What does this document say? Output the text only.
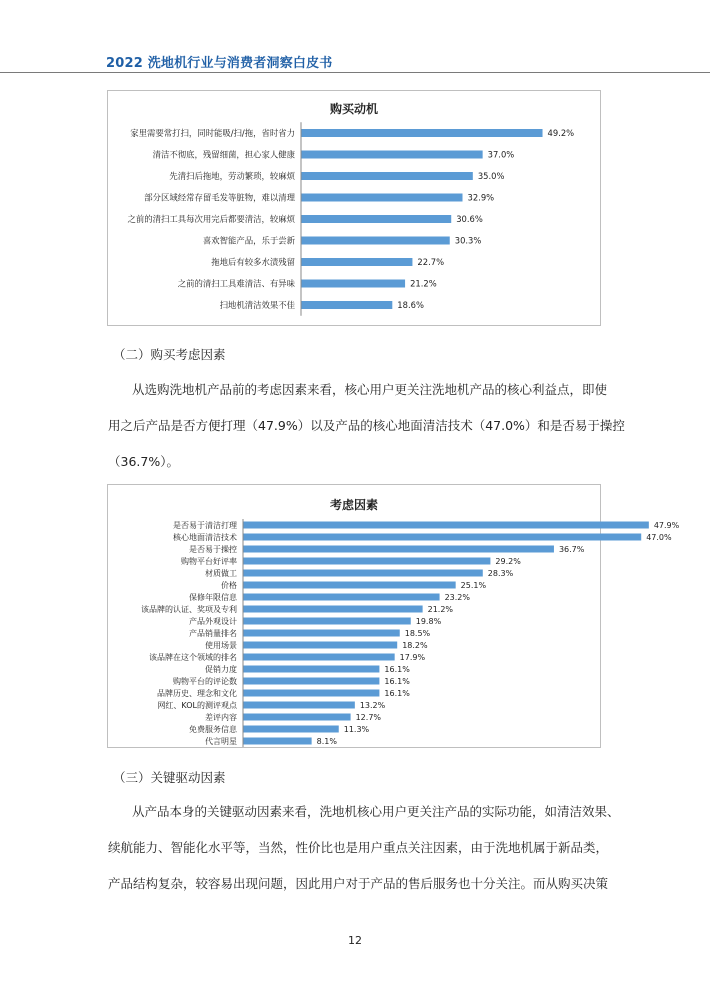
2022 洗地机行业与消费者洞察白皮书
购买动机
家里需要常打扫，同时能吸/扫/拖，省时省力	49.2%
清洁不彻底，残留细菌，担心家人健康	37.0%
先清扫后拖地，劳动繁琐，较麻烦	35.0%
部分区域经常存留毛发等脏物，难以清理	32.9%
之前的清扫工具每次用完后都要清洁，较麻烦	30.6%
喜欢智能产品，乐于尝新	30.3%
拖地后有较多水渍残留	22.7%
之前的清扫工具难清洁、有异味	21.2%
扫地机清洁效果不佳	18.6%
（二）购买考虑因素
从选购洗地机产品前的考虑因素来看，核心用户更关注洗地机产品的核心利益点，即使
用之后产品是否方便打理（47.9%）以及产品的核心地面清洁技术（47.0%）和是否易于操控
（36.7%）。
考虑因素
是否易于清洁打理	47.9%
核心地面清洁技术	47.0%
是否易于操控	36.7%
购物平台好评率	29.2%
材质做工	28.3%
价格	25.1%
保修年限信息	23.2%
该品牌的认证、奖项及专利	21.2%
产品外观设计	19.8%
产品销量排名	18.5%
使用场景	18.2%
该品牌在这个领域的排名	17.9%
促销力度	16.1%
购物平台的评论数	16.1%
品牌历史、理念和文化	16.1%
网红、KOL的测评观点	13.2%
差评内容	12.7%
免费服务信息	11.3%
代言明星	8.1%
（三）关键驱动因素
从产品本身的关键驱动因素来看，洗地机核心用户更关注产品的实际功能，如清洁效果、
续航能力、智能化水平等，当然，性价比也是用户重点关注因素，由于洗地机属于新品类，
产品结构复杂，较容易出现问题，因此用户对于产品的售后服务也十分关注。而从购买决策
12
